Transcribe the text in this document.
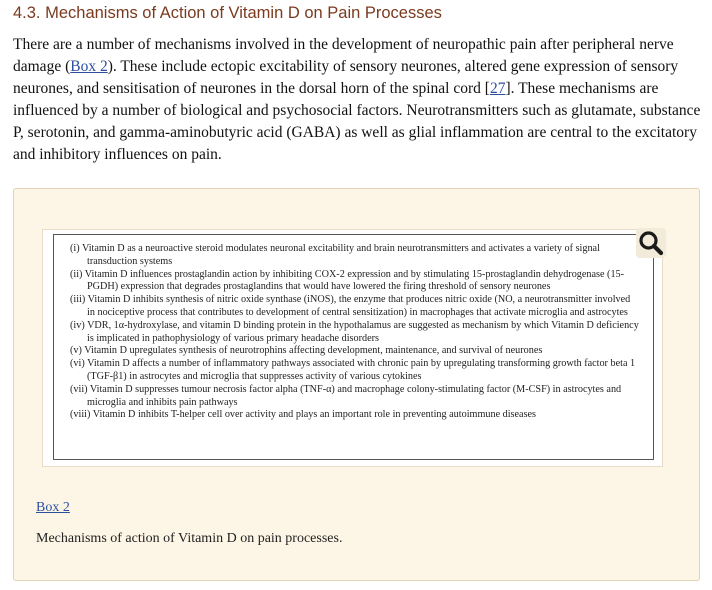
4.3. Mechanisms of Action of Vitamin D on Pain Processes

There are a number of mechanisms involved in the development of neuropathic pain after peripheral nerve damage (Box 2). These include ectopic excitability of sensory neurones, altered gene expression of sensory neurones, and sensitisation of neurones in the dorsal horn of the spinal cord [27]. These mechanisms are influenced by a number of biological and psychosocial factors. Neurotransmitters such as glutamate, substance P, serotonin, and gamma-aminobutyric acid (GABA) as well as glial inflammation are central to the excitatory and inhibitory influences on pain.

(i) Vitamin D as a neuroactive steroid modulates neuronal excitability and brain neurotransmitters and activates a variety of signal transduction systems

(ii) Vitamin D influences prostaglandin action by inhibiting COX-2 expression and by stimulating 15-prostaglandin dehydrogenase (15-PGDH) expression that degrades prostaglandins that would have lowered the firing threshold of sensory neurones

(iii) Vitamin D inhibits synthesis of nitric oxide synthase (iNOS), the enzyme that produces nitric oxide (NO, a neurotransmitter involved in nociceptive process that contributes to development of central sensitization) in macrophages that activate microglia and astrocytes

(iv) VDR, 1α-hydroxylase, and vitamin D binding protein in the hypothalamus are suggested as mechanism by which Vitamin D deficiency is implicated in pathophysiology of various primary headache disorders

(v) Vitamin D upregulates synthesis of neurotrophins affecting development, maintenance, and survival of neurones

(vi) Vitamin D affects a number of inflammatory pathways associated with chronic pain by upregulating transforming growth factor beta 1 (TGF-β1) in astrocytes and microglia that suppresses activity of various cytokines

(vii) Vitamin D suppresses tumour necrosis factor alpha (TNF-α) and macrophage colony-stimulating factor (M-CSF) in astrocytes and microglia and inhibits pain pathways

(viii) Vitamin D inhibits T-helper cell over activity and plays an important role in preventing autoimmune diseases

Box 2
Mechanisms of action of Vitamin D on pain processes.
